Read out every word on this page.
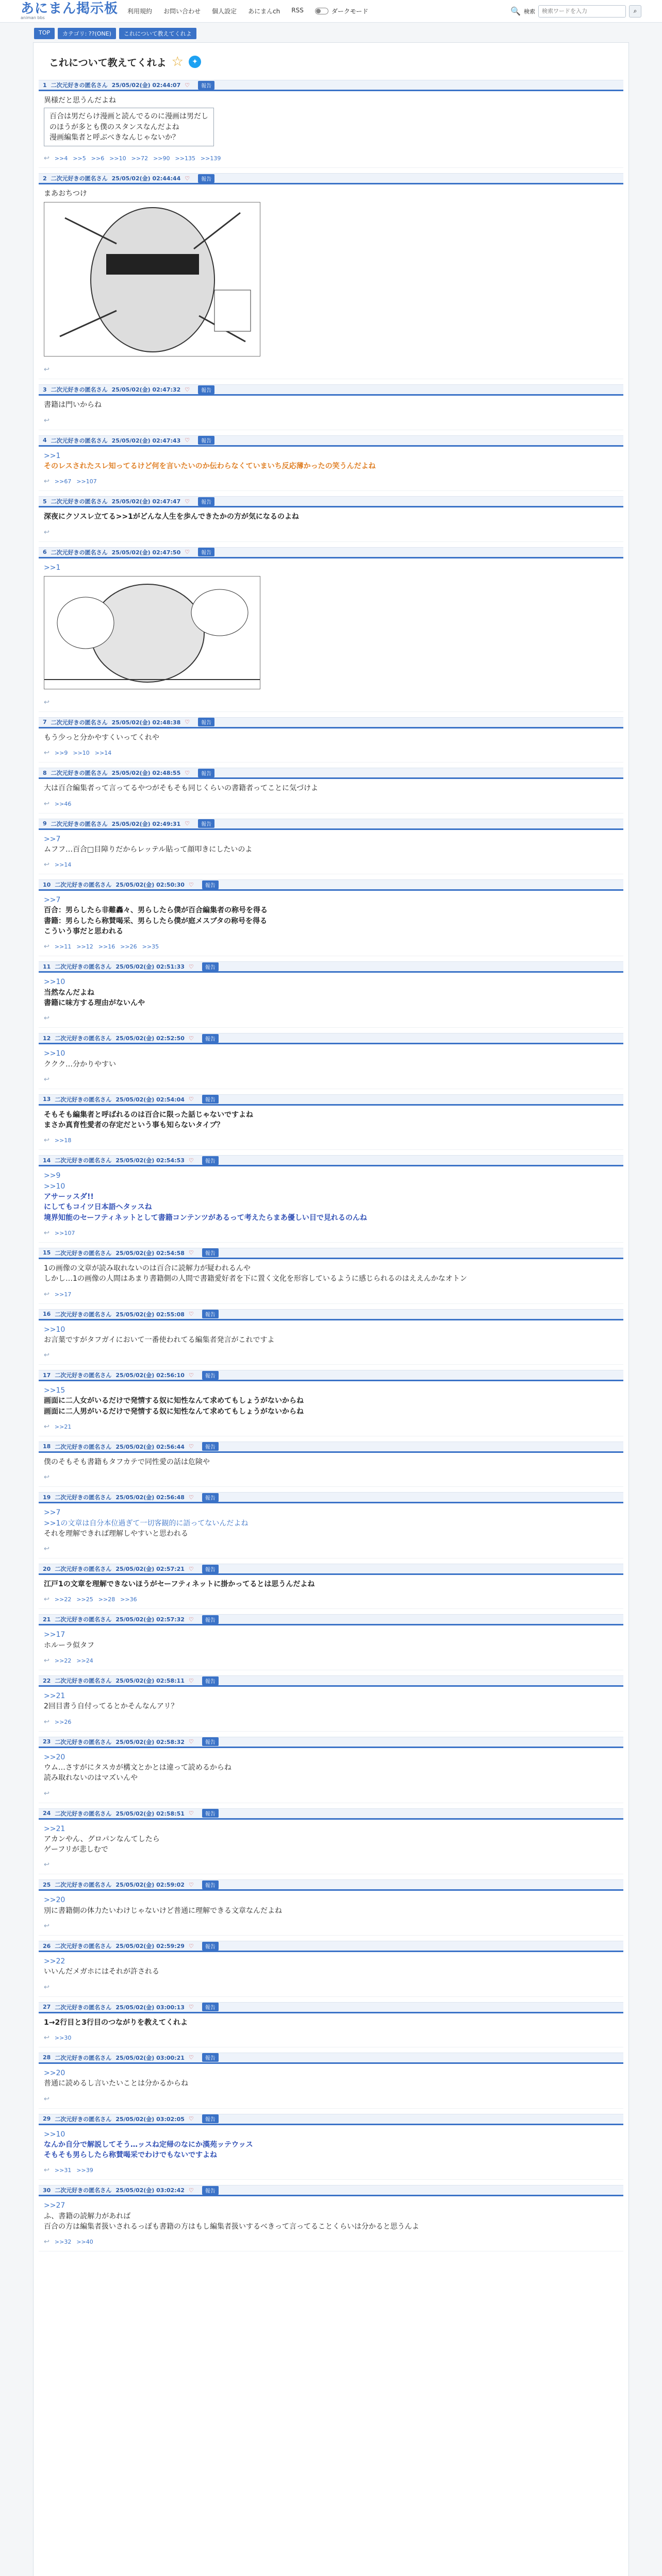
あにまん掲示板
animan bbs
利用規約 お問い合わせ 個人設定 あにまんch RSS	ダークモード	🔍 検索
検索ワードを入力	⌕
TOP	カテゴリ: ??(ONE)	これについて教えてくれよ
これについて教えてくれよ ☆	✦
1 二次元好きの匿名さん 25/05/02(金) 02:44:07 ♡	報告
異様だと思うんだよね
百合は男だらけ漫画と読んでるのに漫画は男だし
のほうが多とも僕のスタンスなんだよね
漫画編集者と呼ぶべきなんじゃないか？
↩ >>4 >>5 >>6 >>10 >>72 >>90 >>135 >>139
2 二次元好きの匿名さん 25/05/02(金) 02:44:44 ♡	報告
まあおちつけ
↩
3 二次元好きの匿名さん 25/05/02(金) 02:47:32 ♡	報告
書籍は門いからね
↩
4 二次元好きの匿名さん 25/05/02(金) 02:47:43 ♡	報告
>>1
そのレスされたスレ知ってるけど何を言いたいのか伝わらなくていまいち反応薄かったの笑うんだよね
↩ >>67 >>107
5 二次元好きの匿名さん 25/05/02(金) 02:47:47 ♡	報告
深夜にクソスレ立てる>>1がどんな人生を歩んできたかの方が気になるのよね
↩
6 二次元好きの匿名さん 25/05/02(金) 02:47:50 ♡	報告
>>1
↩
7 二次元好きの匿名さん 25/05/02(金) 02:48:38 ♡	報告
もう少っと分かやすくいってくれや
↩ >>9 >>10 >>14
8 二次元好きの匿名さん 25/05/02(金) 02:48:55 ♡	報告
大は百合編集者って言ってるやつがそもそも同じくらいの書籍者ってことに気づけよ
↩ >>46
9 二次元好きの匿名さん 25/05/02(金) 02:49:31 ♡	報告
>>7
ムフフ…百合□目障りだからレッテル貼って顔叩きにしたいのよ
↩ >>14
10 二次元好きの匿名さん 25/05/02(金) 02:50:30 ♡	報告
>>7
百合：男らしたら非難轟々、男らしたら僕が百合編集者の称号を得る
書籍：男らしたら称賛喝采、男らしたら僕が庭メスブタの称号を得る
こういう事だと思われる
↩ >>11 >>12 >>16 >>26 >>35
11 二次元好きの匿名さん 25/05/02(金) 02:51:33 ♡	報告
>>10
当然なんだよね
書籍に味方する理由がないんや
↩
12 二次元好きの匿名さん 25/05/02(金) 02:52:50 ♡	報告
>>10
ククク…分かりやすい
↩
13 二次元好きの匿名さん 25/05/02(金) 02:54:04 ♡	報告
そもそも編集者と呼ばれるのは百合に限った話じゃないですよね
まさか真育性愛者の存定だという事も知らないタイプ？
↩ >>18
14 二次元好きの匿名さん 25/05/02(金) 02:54:53 ♡	報告
>>9
>>10
アサーッスダ!!
にしてもコイツ日本語ヘタッスね
境界知能のセーフティネットとして書籍コンテンツがあるって考えたらまあ優しい目で見れるのんね
↩ >>107
15 二次元好きの匿名さん 25/05/02(金) 02:54:58 ♡	報告
1の画像の文章が読み取れないのは百合に読解力が疑われるんや
しかし…1の画像の人間はあまり書籍側の人間で書籍愛好者を下に置く文化を形容しているように感じられるのはええんかなオトン
↩ >>17
16 二次元好きの匿名さん 25/05/02(金) 02:55:08 ♡	報告
>>10
お言葉ですがタフガイにおいて一番使われてる編集者発言がこれですよ
↩
17 二次元好きの匿名さん 25/05/02(金) 02:56:10 ♡	報告
>>15
画面に二人女がいるだけで発情する奴に知性なんて求めてもしょうがないからね
画面に二人男がいるだけで発情する奴に知性なんて求めてもしょうがないからね
↩ >>21
18 二次元好きの匿名さん 25/05/02(金) 02:56:44 ♡	報告
僕のそもそも書籍もタフカテで同性愛の話は危険や
↩
19 二次元好きの匿名さん 25/05/02(金) 02:56:48 ♡	報告
>>7
>>1の文章は自分本位過ぎて一切客観的に語ってないんだよね
それを理解できれば理解しやすいと思われる
↩
20 二次元好きの匿名さん 25/05/02(金) 02:57:21 ♡	報告
江戸1の文章を理解できないほうがセーフティネットに掛かってるとは思うんだよね
↩ >>22 >>25 >>28 >>36
21 二次元好きの匿名さん 25/05/02(金) 02:57:32 ♡	報告
>>17
ホルーラ似タフ
↩ >>22 >>24
22 二次元好きの匿名さん 25/05/02(金) 02:58:11 ♡	報告
>>21
2回目書う自付ってるとかそんなんアリ？
↩ >>26
23 二次元好きの匿名さん 25/05/02(金) 02:58:32 ♡	報告
>>20
ウム…さすがにタスカが構文とかとは違って読めるからね
読み取れないのはマズいんや
↩
24 二次元好きの匿名さん 25/05/02(金) 02:58:51 ♡	報告
>>21
アカンやん、グロパンなんてしたら
ゲーフリが悲しむで
↩
25 二次元好きの匿名さん 25/05/02(金) 02:59:02 ♡	報告
>>20
別に書籍側の体力たいわけじゃないけど普通に理解できる文章なんだよね
↩
26 二次元好きの匿名さん 25/05/02(金) 02:59:29 ♡	報告
>>22
いいんだメガホにはそれが許される
↩
27 二次元好きの匿名さん 25/05/02(金) 03:00:13 ♡	報告
1→2行目と3行目のつながりを教えてくれよ
↩ >>30
28 二次元好きの匿名さん 25/05/02(金) 03:00:21 ♡	報告
>>20
普通に読めるし言いたいことは分かるからね
↩
29 二次元好きの匿名さん 25/05/02(金) 03:02:05 ♡	報告
>>10
なんか自分で解説してそう…ッスね定帰のなにか漢苑ッテウッス
そもそも男らしたら称賛喝采でわけでもないですよね
↩ >>31 >>39
30 二次元好きの匿名さん 25/05/02(金) 03:02:42 ♡	報告
>>27
ふ、書籍の読解力があれば
百合の方は編集者扱いされるっぽも書籍の方はもし編集者扱いするべきって言ってることくらいは分かると思うんよ
↩ >>32 >>40
